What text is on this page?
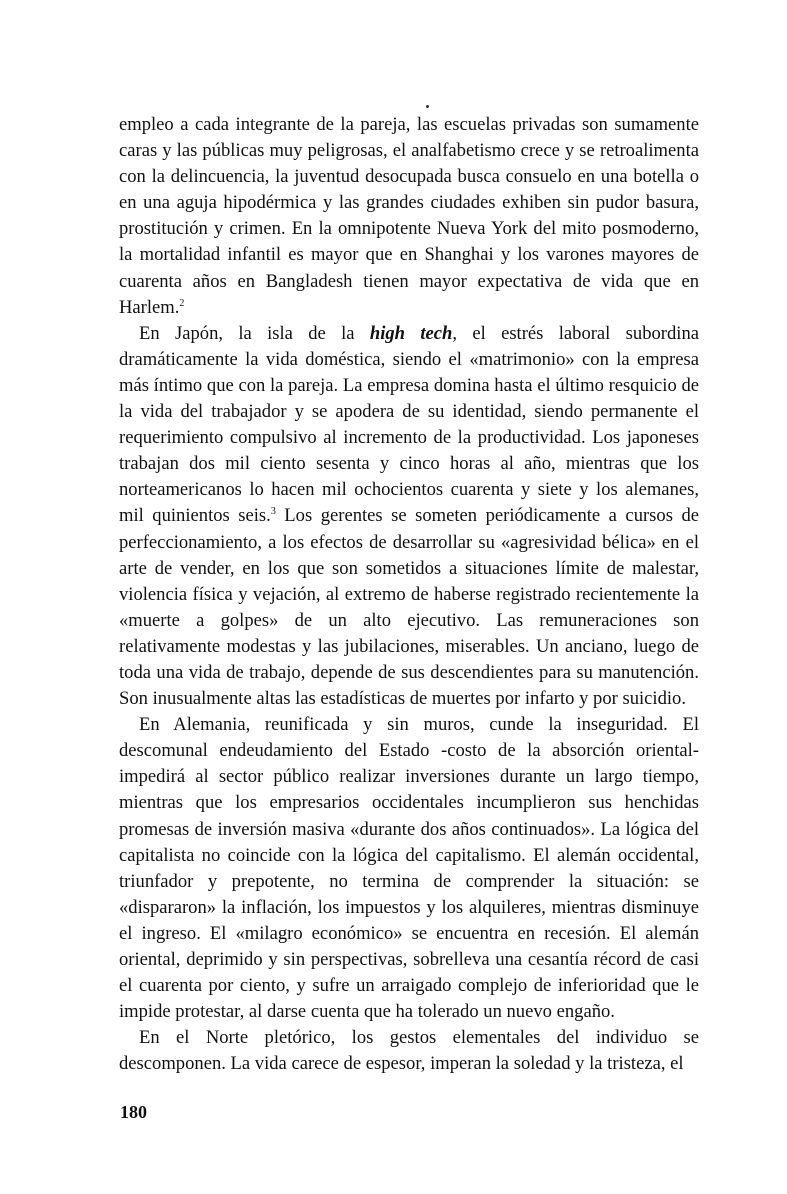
empleo a cada integrante de la pareja, las escuelas privadas son sumamente caras y las públicas muy peligrosas, el analfabetismo crece y se retroalimenta con la delincuencia, la juventud desocupada busca consuelo en una botella o en una aguja hipodérmica y las grandes ciudades exhiben sin pudor basura, prostitución y crimen. En la omnipotente Nueva York del mito posmoderno, la mortalidad infantil es mayor que en Shanghai y los varones mayores de cuarenta años en Bangladesh tienen mayor expectativa de vida que en Harlem.$^2$

En Japón, la isla de la high tech, el estrés laboral subordina dramáticamente la vida doméstica, siendo el «matrimonio» con la empresa más íntimo que con la pareja. La empresa domina hasta el último resquicio de la vida del trabajador y se apodera de su identidad, siendo permanente el requerimiento compulsivo al incremento de la productividad. Los japoneses trabajan dos mil ciento sesenta y cinco horas al año, mientras que los norteamericanos lo hacen mil ochocientos cuarenta y siete y los alemanes, mil quinientos seis.$^3$ Los gerentes se someten periódicamente a cursos de perfeccionamiento, a los efectos de desarrollar su «agresividad bélica» en el arte de vender, en los que son sometidos a situaciones límite de malestar, violencia física y vejación, al extremo de haberse registrado recientemente la «muerte a golpes» de un alto ejecutivo. Las remuneraciones son relativamente modestas y las jubilaciones, miserables. Un anciano, luego de toda una vida de trabajo, depende de sus descendientes para su manutención. Son inusualmente altas las estadísticas de muertes por infarto y por suicidio.

En Alemania, reunificada y sin muros, cunde la inseguridad. El descomunal endeudamiento del Estado -costo de la absorción oriental- impedirá al sector público realizar inversiones durante un largo tiempo, mientras que los empresarios occidentales incumplieron sus henchidas promesas de inversión masiva «durante dos años continuados». La lógica del capitalista no coincide con la lógica del capitalismo. El alemán occidental, triunfador y prepotente, no termina de comprender la situación: se «dispararon» la inflación, los impuestos y los alquileres, mientras disminuye el ingreso. El «milagro económico» se encuentra en recesión. El alemán oriental, deprimido y sin perspectivas, sobrelleva una cesantía récord de casi el cuarenta por ciento, y sufre un arraigado complejo de inferioridad que le impide protestar, al darse cuenta que ha tolerado un nuevo engaño.

En el Norte pletórico, los gestos elementales del individuo se descomponen. La vida carece de espesor, imperan la soledad y la tristeza, el

180
